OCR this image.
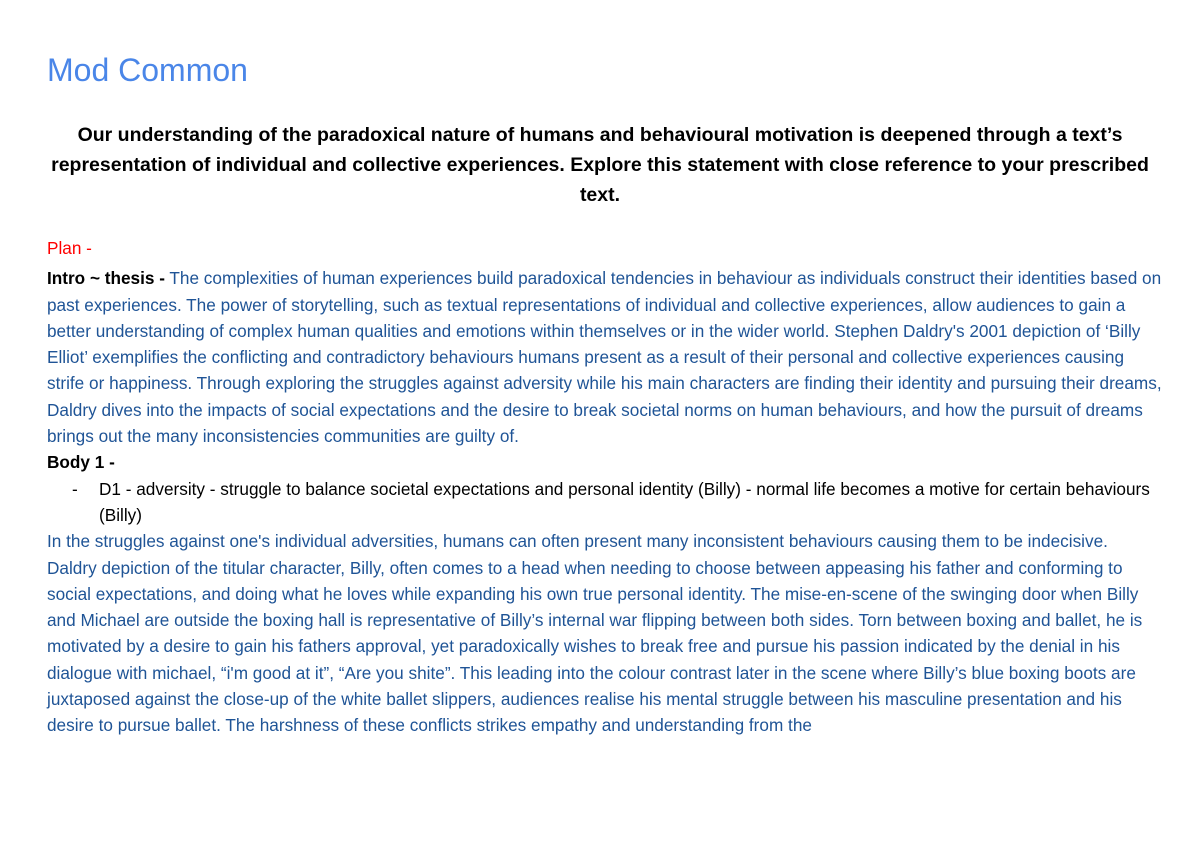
Mod Common

Our understanding of the paradoxical nature of humans and behavioural motivation is deepened through a text’s representation of individual and collective experiences. Explore this statement with close reference to your prescribed text.

Plan -

Intro ~ thesis - The complexities of human experiences build paradoxical tendencies in behaviour as individuals construct their identities based on past experiences. The power of storytelling, such as textual representations of individual and collective experiences, allow audiences to gain a better understanding of complex human qualities and emotions within themselves or in the wider world. Stephen Daldry's 2001 depiction of ‘Billy Elliot’ exemplifies the conflicting and contradictory behaviours humans present as a result of their personal and collective experiences causing strife or happiness. Through exploring the struggles against adversity while his main characters are finding their identity and pursuing their dreams, Daldry dives into the impacts of social expectations and the desire to break societal norms on human behaviours, and how the pursuit of dreams brings out the many inconsistencies communities are guilty of.

Body 1 -

- D1 - adversity - struggle to balance societal expectations and personal identity (Billy) - normal life becomes a motive for certain behaviours (Billy)

In the struggles against one's individual adversities, humans can often present many inconsistent behaviours causing them to be indecisive. Daldry depiction of the titular character, Billy, often comes to a head when needing to choose between appeasing his father and conforming to social expectations, and doing what he loves while expanding his own true personal identity. The mise-en-scene of the swinging door when Billy and Michael are outside the boxing hall is representative of Billy’s internal war flipping between both sides. Torn between boxing and ballet, he is motivated by a desire to gain his fathers approval, yet paradoxically wishes to break free and pursue his passion indicated by the denial in his dialogue with michael, “i'm good at it”, “Are you shite”. This leading into the colour contrast later in the scene where Billy’s blue boxing boots are juxtaposed against the close-up of the white ballet slippers, audiences realise his mental struggle between his masculine presentation and his desire to pursue ballet. The harshness of these conflicts strikes empathy and understanding from the
